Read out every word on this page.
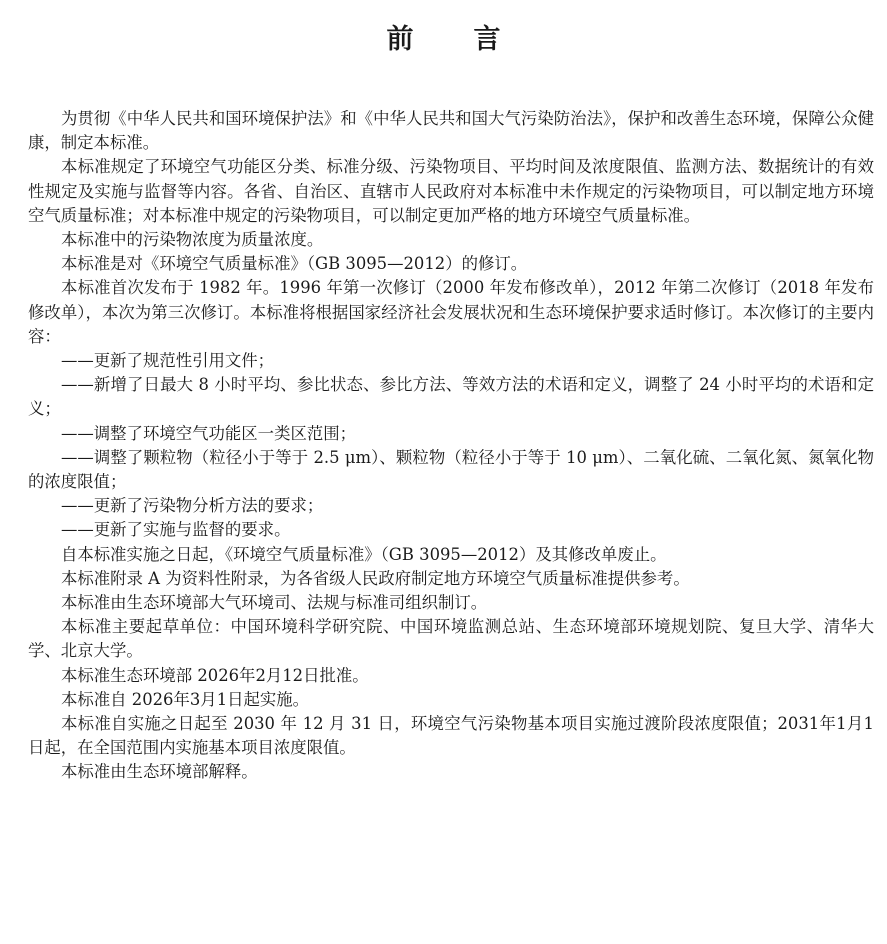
前 言

为贯彻《中华人民共和国环境保护法》和《中华人民共和国大气污染防治法》，保护和改善生态环境，保障公众健康，制定本标准。

本标准规定了环境空气功能区分类、标准分级、污染物项目、平均时间及浓度限值、监测方法、数据统计的有效性规定及实施与监督等内容。各省、自治区、直辖市人民政府对本标准中未作规定的污染物项目，可以制定地方环境空气质量标准；对本标准中规定的污染物项目，可以制定更加严格的地方环境空气质量标准。

本标准中的污染物浓度为质量浓度。

本标准是对《环境空气质量标准》（GB 3095—2012）的修订。

本标准首次发布于 1982 年。1996 年第一次修订（2000 年发布修改单），2012 年第二次修订（2018 年发布修改单），本次为第三次修订。本标准将根据国家经济社会发展状况和生态环境保护要求适时修订。本次修订的主要内容：

——更新了规范性引用文件；

——新增了日最大 8 小时平均、参比状态、参比方法、等效方法的术语和定义，调整了 24 小时平均的术语和定义；

——调整了环境空气功能区一类区范围；

——调整了颗粒物（粒径小于等于 2.5 μm）、颗粒物（粒径小于等于 10 μm）、二氧化硫、二氧化氮、氮氧化物的浓度限值；

——更新了污染物分析方法的要求；

——更新了实施与监督的要求。

自本标准实施之日起，《环境空气质量标准》（GB 3095—2012）及其修改单废止。

本标准附录 A 为资料性附录，为各省级人民政府制定地方环境空气质量标准提供参考。

本标准由生态环境部大气环境司、法规与标准司组织制订。

本标准主要起草单位：中国环境科学研究院、中国环境监测总站、生态环境部环境规划院、复旦大学、清华大学、北京大学。

本标准生态环境部 2026年2月12日批准。

本标准自 2026年3月1日起实施。

本标准自实施之日起至 2030 年 12 月 31 日，环境空气污染物基本项目实施过渡阶段浓度限值；2031年1月1日起，在全国范围内实施基本项目浓度限值。

本标准由生态环境部解释。
